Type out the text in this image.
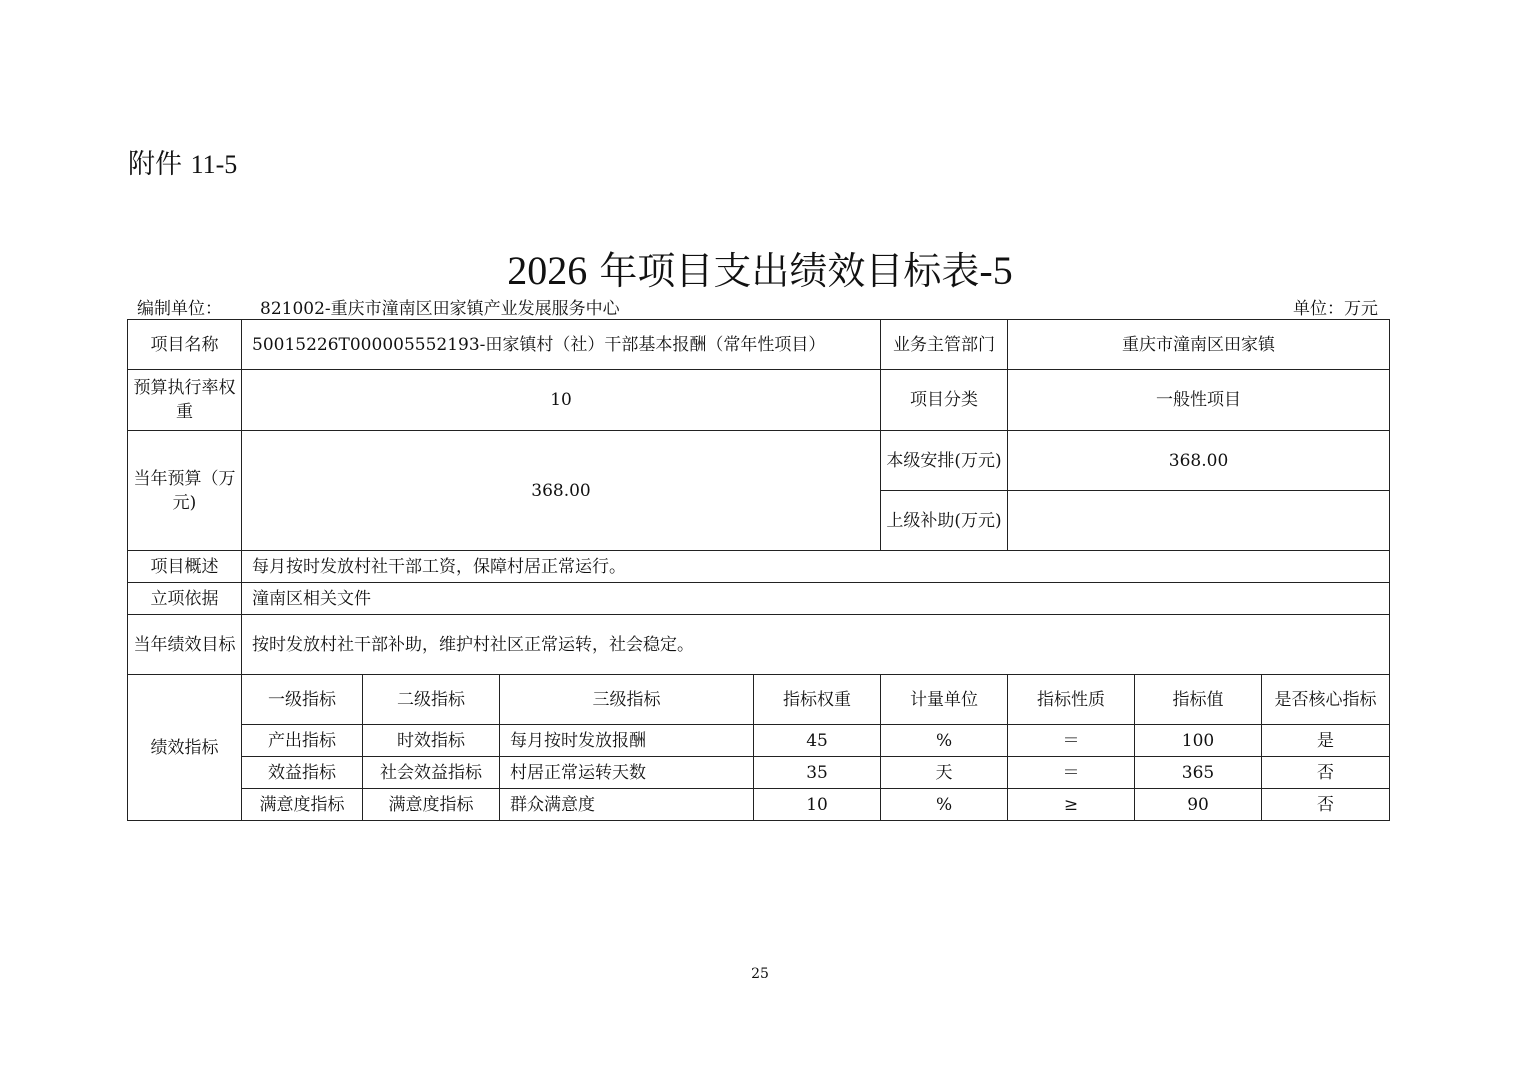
附件 11-5
2026 年项目支出绩效目标表-5
编制单位： 821002-重庆市潼南区田家镇产业发展服务中心	单位：万元
项目名称	50015226T000005552193-田家镇村（社）干部基本报酬（常年性项目）				业务主管部门	重庆市潼南区田家镇		
预算执行率权重	10				项目分类	一般性项目		
当年预算（万元)	368.00				本级安排(万元)	368.00		
					上级补助(万元)			
项目概述	每月按时发放村社干部工资，保障村居正常运行。							
立项依据	潼南区相关文件							
当年绩效目标	按时发放村社干部补助，维护村社区正常运转，社会稳定。							
绩效指标	一级指标	二级指标	三级指标	指标权重	计量单位	指标性质	指标值	是否核心指标
	产出指标	时效指标	每月按时发放报酬	45	%	＝	100	是
	效益指标	社会效益指标	村居正常运转天数	35	天	＝	365	否
	满意度指标	满意度指标	群众满意度	10	%	≥	90	否
25
